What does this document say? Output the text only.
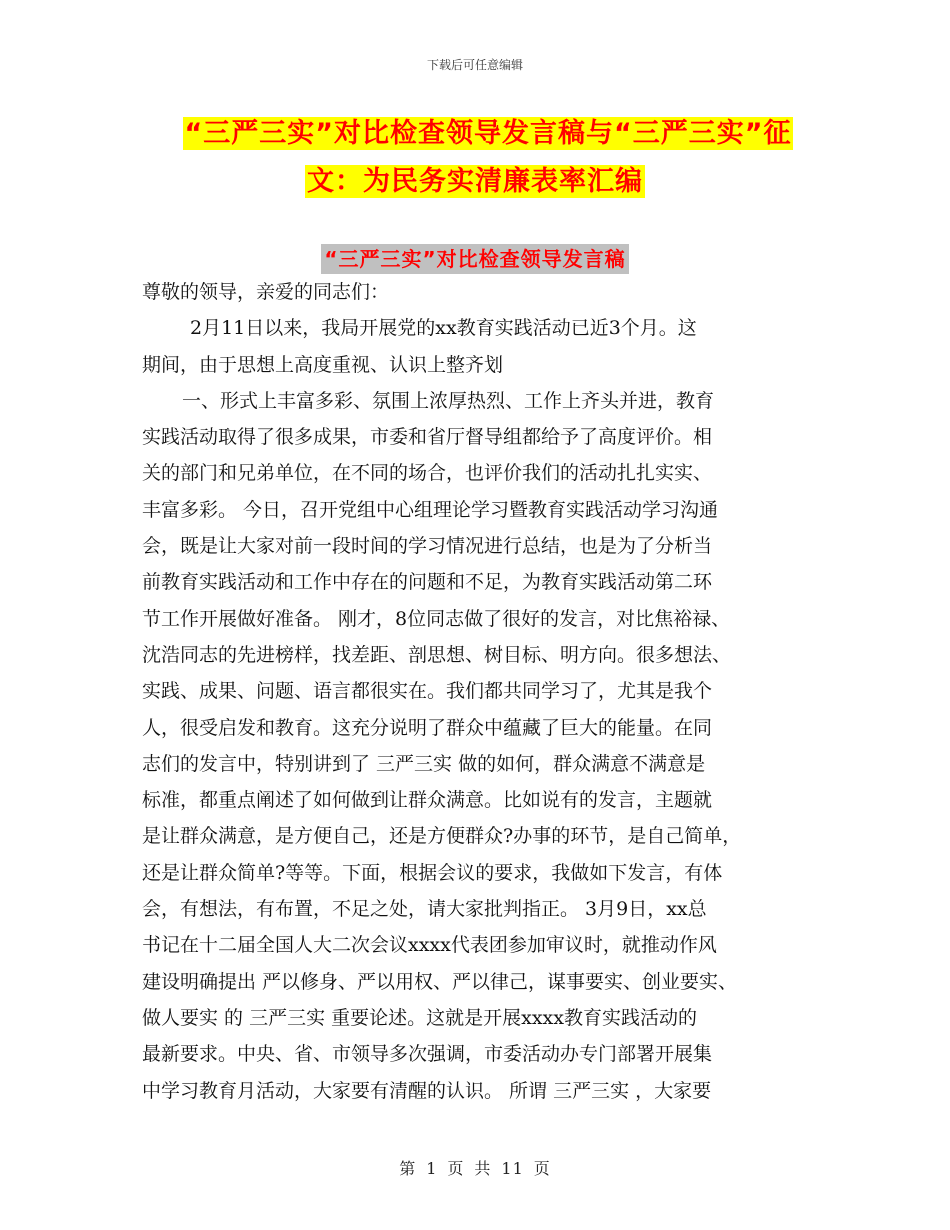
下载后可任意编辑
“三严三实”对比检查领导发言稿与“三严三实”征
文：为民务实清廉表率汇编
“三严三实”对比检查领导发言稿
尊敬的领导，亲爱的同志们：
2月11日以来，我局开展党的xx教育实践活动已近3个月。这
期间，由于思想上高度重视、认识上整齐划
一、形式上丰富多彩、氛围上浓厚热烈、工作上齐头并进，教育
实践活动取得了很多成果，市委和省厅督导组都给予了高度评价。相
关的部门和兄弟单位，在不同的场合，也评价我们的活动扎扎实实、
丰富多彩。 今日，召开党组中心组理论学习暨教育实践活动学习沟通
会，既是让大家对前一段时间的学习情况进行总结，也是为了分析当
前教育实践活动和工作中存在的问题和不足，为教育实践活动第二环
节工作开展做好准备。 刚才，8位同志做了很好的发言，对比焦裕禄、
沈浩同志的先进榜样，找差距、剖思想、树目标、明方向。很多想法、
实践、成果、问题、语言都很实在。我们都共同学习了，尤其是我个
人，很受启发和教育。这充分说明了群众中蕴藏了巨大的能量。在同
志们的发言中，特别讲到了 三严三实 做的如何，群众满意不满意是
标准，都重点阐述了如何做到让群众满意。比如说有的发言，主题就
是让群众满意，是方便自己，还是方便群众?办事的环节，是自己简单，
还是让群众简单?等等。下面，根据会议的要求，我做如下发言，有体
会，有想法，有布置，不足之处，请大家批判指正。 3月9日，xx总
书记在十二届全国人大二次会议xxxx代表团参加审议时，就推动作风
建设明确提出 严以修身、严以用权、严以律己，谋事要实、创业要实、
做人要实 的 三严三实 重要论述。这就是开展xxxx教育实践活动的
最新要求。中央、省、市领导多次强调，市委活动办专门部署开展集
中学习教育月活动，大家要有清醒的认识。 所谓 三严三实 ，大家要
第 1 页 共 11 页
